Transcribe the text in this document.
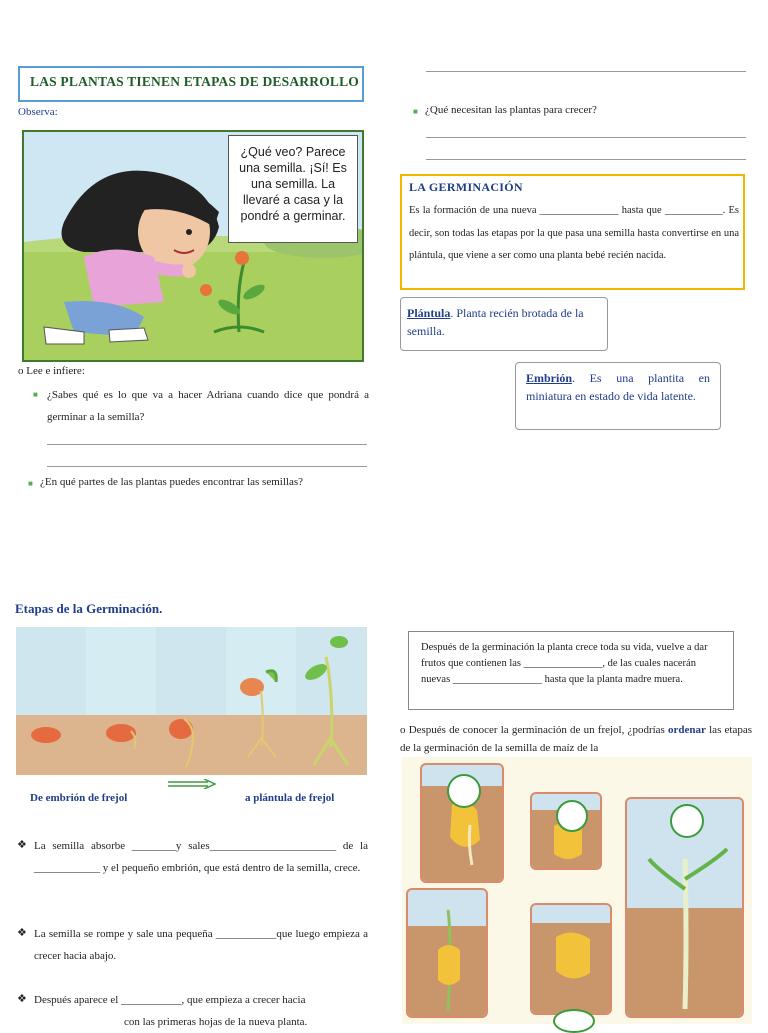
LAS PLANTAS TIENEN ETAPAS DE DESARROLLO
Observa:
¿Qué veo? Parece una semilla. ¡Sí! Es una semilla. La llevaré a casa y la pondré a germinar.
o Lee e infiere:
■ ¿Sabes qué es lo que va a hacer Adriana cuando dice que pondrá a germinar a la semilla?
■ ¿En qué partes de las plantas puedes encontrar las semillas?
■ ¿Qué necesitan las plantas para crecer?
LA GERMINACIÓN
Es la formación de una nueva _______________ hasta que ___________. Es decir, son todas las etapas por la que pasa una semilla hasta convertirse en una plántula, que viene a ser como una planta bebé recién nacida.
Plántula. Planta recién brotada de la semilla.
Embrión. Es una plantita en miniatura en estado de vida latente.
Etapas de la Germinación.
De embrión de frejol	a plántula de frejol
❖ La semilla absorbe ________y sales_______________________ de la ____________ y el pequeño embrión, que está dentro de la semilla, crece.
❖ La semilla se rompe y sale una pequeña ___________que luego empieza a crecer hacia abajo.
❖ Después aparece el ___________, que empieza a crecer hacia
con las primeras hojas de la nueva planta.
Después de la germinación la planta crece toda su vida, vuelve a dar frutos que contienen las _______________, de las cuales nacerán nuevas _________________ hasta que la planta madre muera.
o Después de conocer la germinación de un frejol, ¿podrías ordenar las etapas de la germinación de la semilla de maíz de la
